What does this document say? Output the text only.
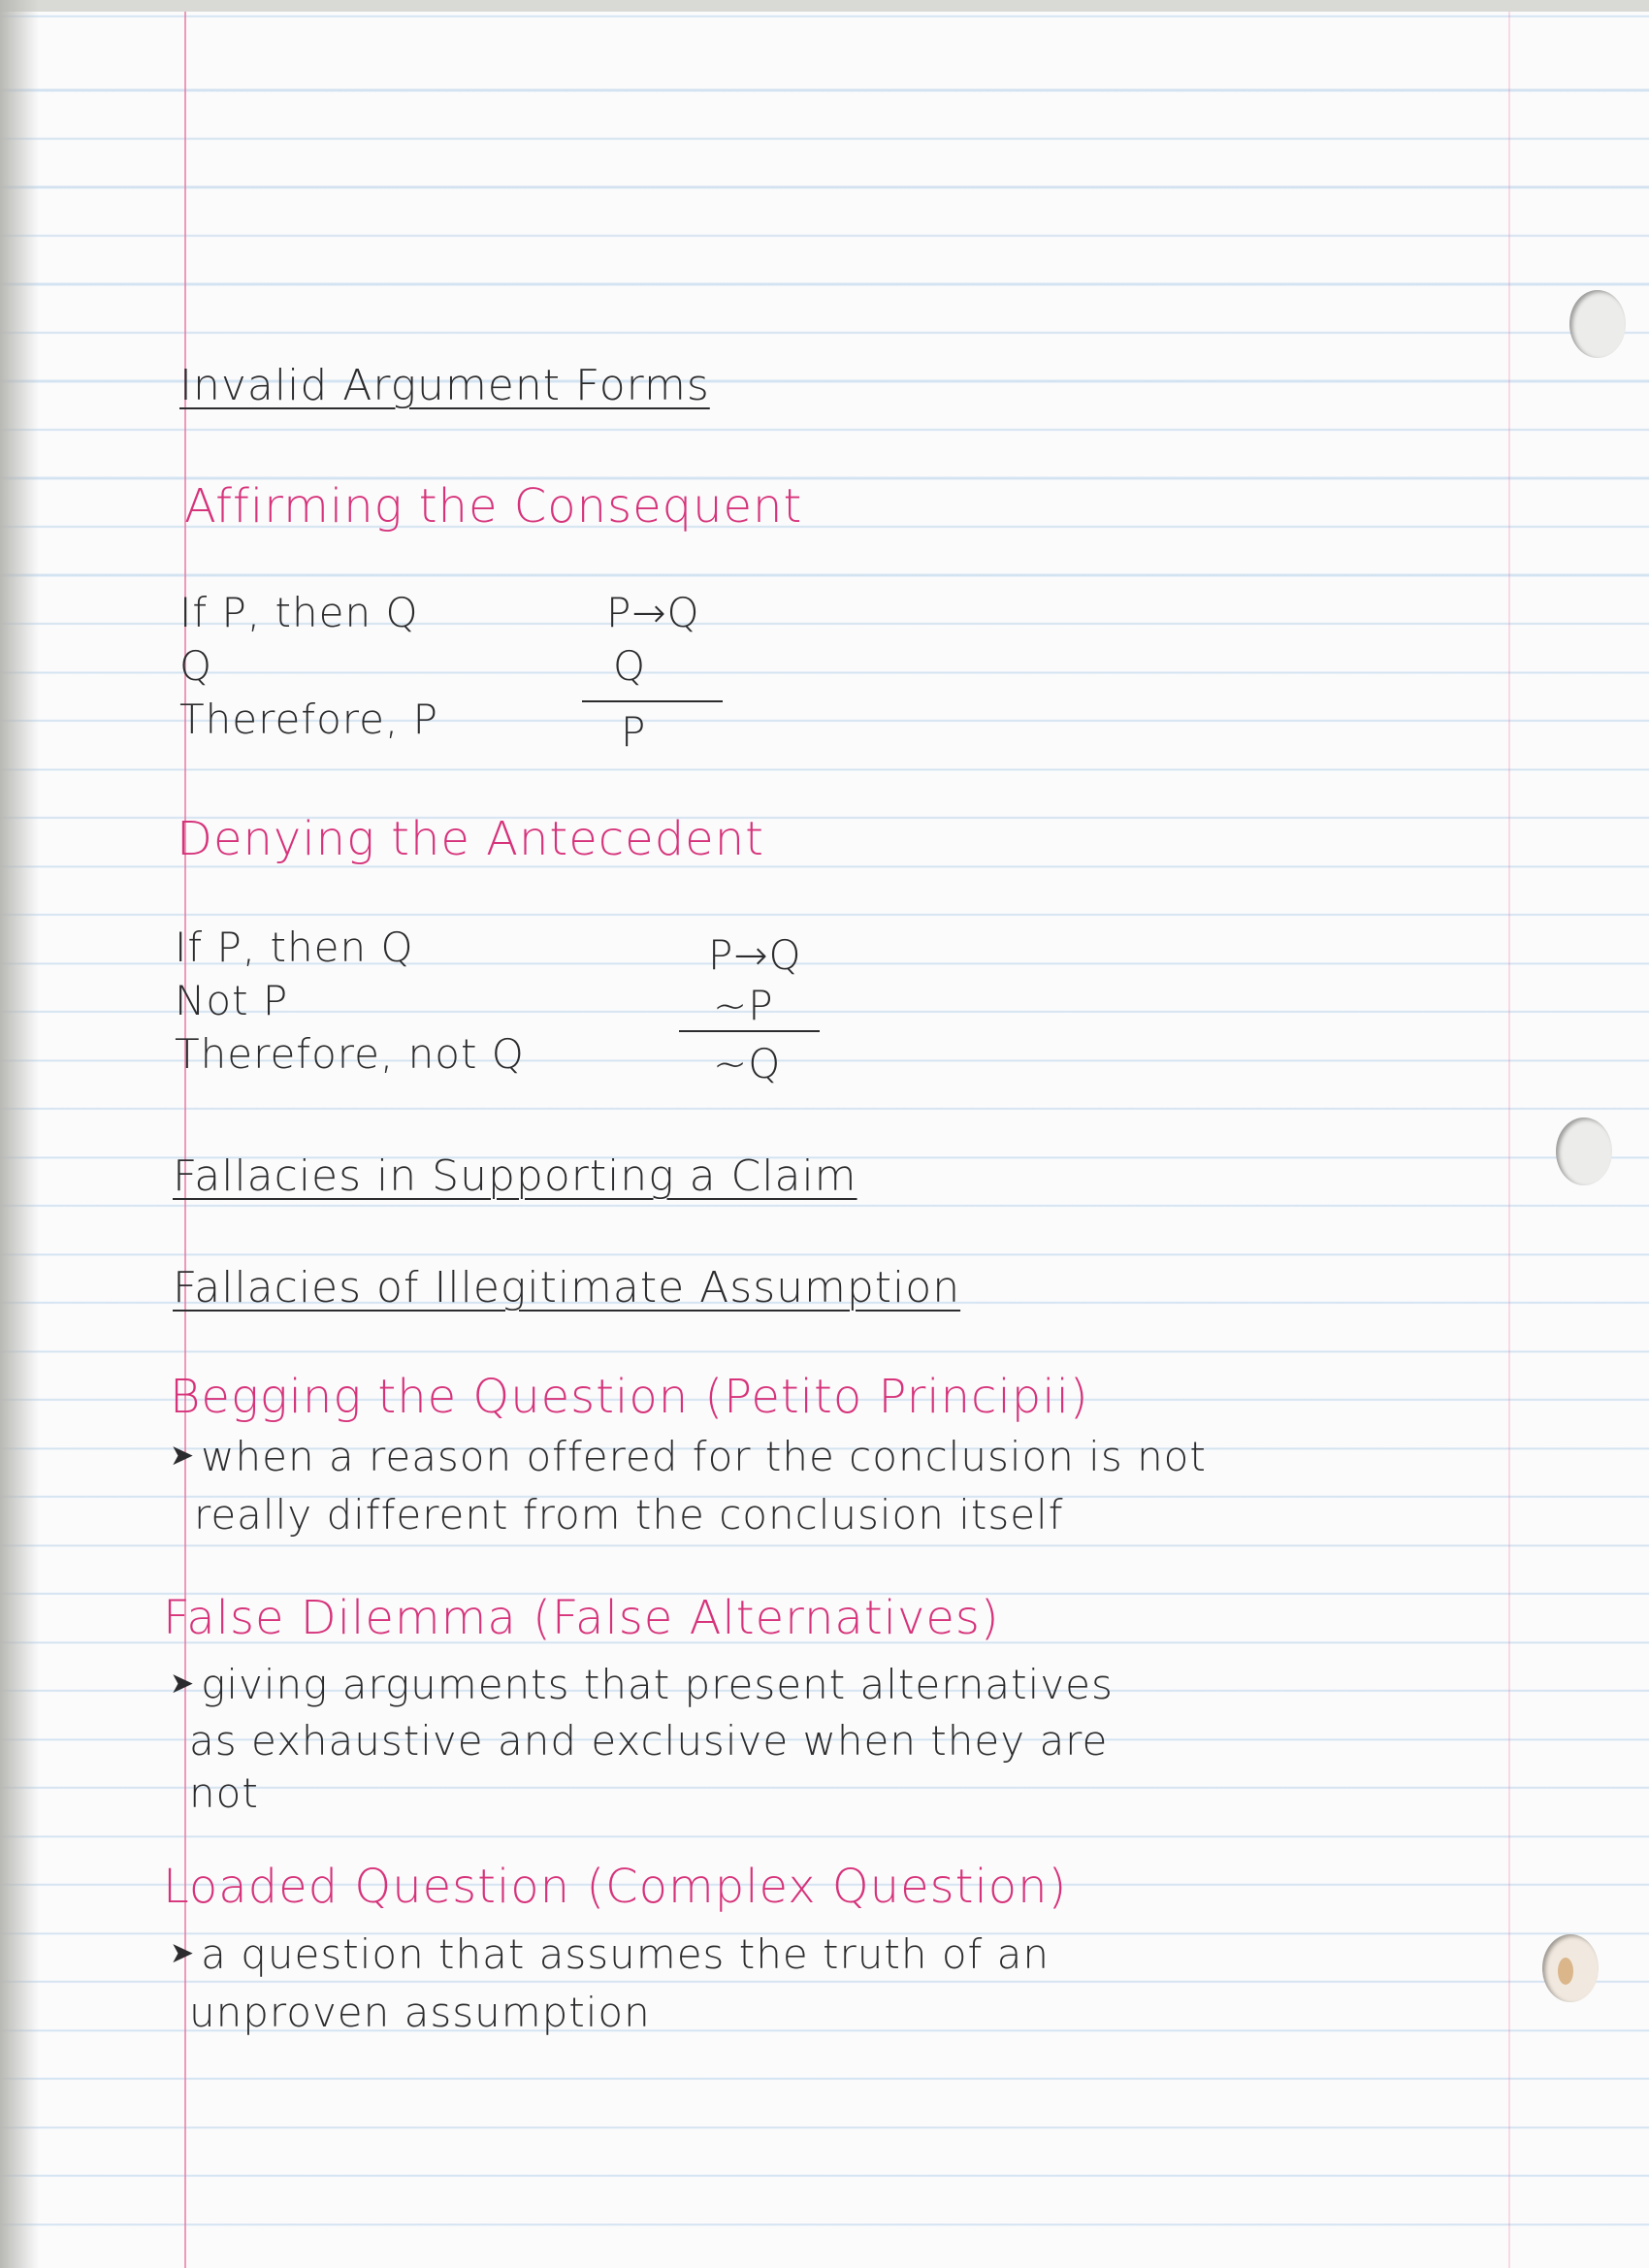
Invalid Argument Forms
Affirming the Consequent
If P, then Q
Q
Therefore, P
P→Q
Q
P
Denying the Antecedent
If P, then Q
Not P
Therefore, not Q
P→Q
~P
~Q
Fallacies in Supporting a Claim
Fallacies of Illegitimate Assumption
Begging the Question (Petito Principii)
➤ when a reason offered for the conclusion is not
really different from the conclusion itself
False Dilemma (False Alternatives)
➤ giving arguments that present alternatives
as exhaustive and exclusive when they are
not
Loaded Question (Complex Question)
➤ a question that assumes the truth of an
unproven assumption
